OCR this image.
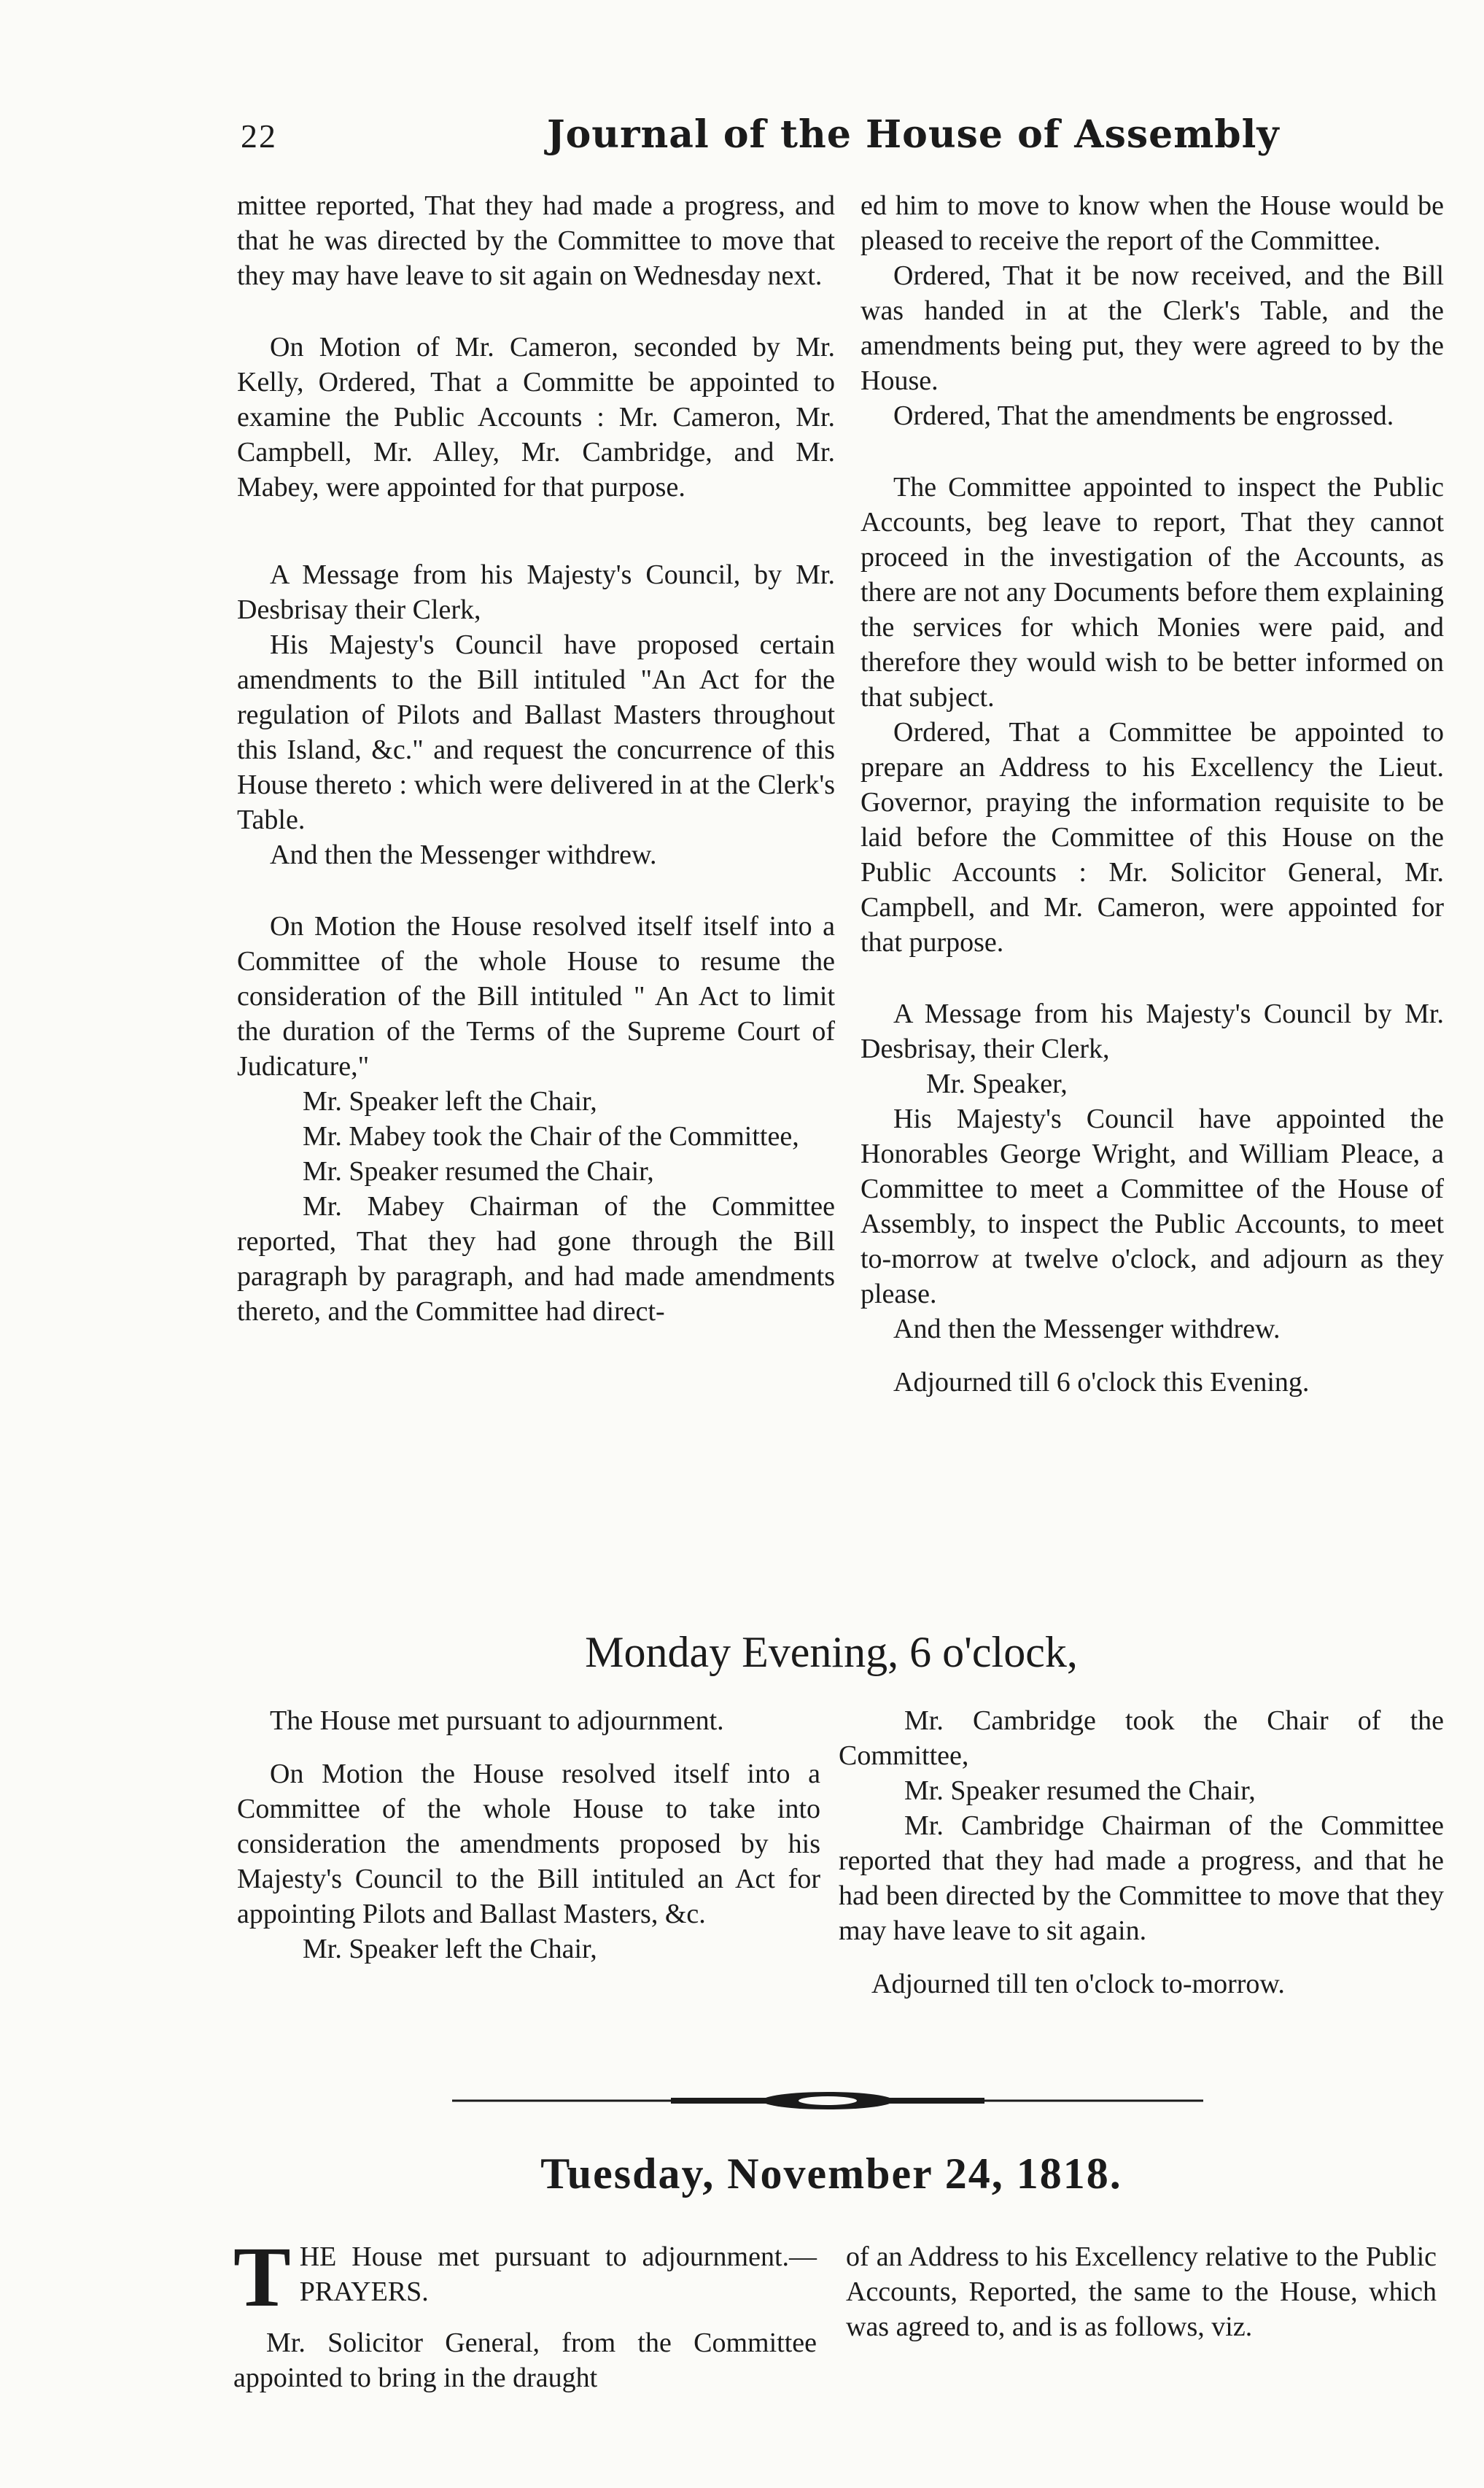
22	Journal of the House of Assembly

mittee reported, That they had made a progress, and that he was directed by the Committee to move that they may have leave to sit again on Wednesday next.

On Motion of Mr. Cameron, seconded by Mr. Kelly, Ordered, That a Committe be appointed to examine the Public Accounts : Mr. Cameron, Mr. Campbell, Mr. Alley, Mr. Cambridge, and Mr. Mabey, were appointed for that purpose.

A Message from his Majesty's Council, by Mr. Desbrisay their Clerk,

His Majesty's Council have proposed certain amendments to the Bill intituled "An Act for the regulation of Pilots and Ballast Masters throughout this Island, &c." and request the concurrence of this House thereto : which were delivered in at the Clerk's Table.

And then the Messenger withdrew.

On Motion the House resolved itself itself into a Committee of the whole House to resume the consideration of the Bill intituled " An Act to limit the duration of the Terms of the Supreme Court of Judicature,"

Mr. Speaker left the Chair,

Mr. Mabey took the Chair of the Committee,

Mr. Speaker resumed the Chair,

Mr. Mabey Chairman of the Committee reported, That they had gone through the Bill paragraph by paragraph, and had made amendments thereto, and the Committee had direct-

ed him to move to know when the House would be pleased to receive the report of the Committee.

Ordered, That it be now received, and the Bill was handed in at the Clerk's Table, and the amendments being put, they were agreed to by the House.

Ordered, That the amendments be engrossed.

The Committee appointed to inspect the Public Accounts, beg leave to report, That they cannot proceed in the investigation of the Accounts, as there are not any Documents before them explaining the services for which Monies were paid, and therefore they would wish to be better informed on that subject.

Ordered, That a Committee be appointed to prepare an Address to his Excellency the Lieut. Governor, praying the information requisite to be laid before the Committee of this House on the Public Accounts : Mr. Solicitor General, Mr. Campbell, and Mr. Cameron, were appointed for that purpose.

A Message from his Majesty's Council by Mr. Desbrisay, their Clerk,

Mr. Speaker,

His Majesty's Council have appointed the Honorables George Wright, and William Pleace, a Committee to meet a Committee of the House of Assembly, to inspect the Public Accounts, to meet to-morrow at twelve o'clock, and adjourn as they please.

And then the Messenger withdrew.

Adjourned till 6 o'clock this Evening.

Monday Evening, 6 o'clock,

The House met pursuant to adjournment.

On Motion the House resolved itself into a Committee of the whole House to take into consideration the amendments proposed by his Majesty's Council to the Bill intituled an Act for appointing Pilots and Ballast Masters, &c.

Mr. Speaker left the Chair,

Mr. Cambridge took the Chair of the Committee,

Mr. Speaker resumed the Chair,

Mr. Cambridge Chairman of the Committee reported that they had made a progress, and that he had been directed by the Committee to move that they may have leave to sit again.

Adjourned till ten o'clock to-morrow.

Tuesday, November 24, 1818.

T HE House met pursuant to adjournment.—PRAYERS.

Mr. Solicitor General, from the Committee appointed to bring in the draught

of an Address to his Excellency relative to the Public Accounts, Reported, the same to the House, which was agreed to, and is as follows, viz.
